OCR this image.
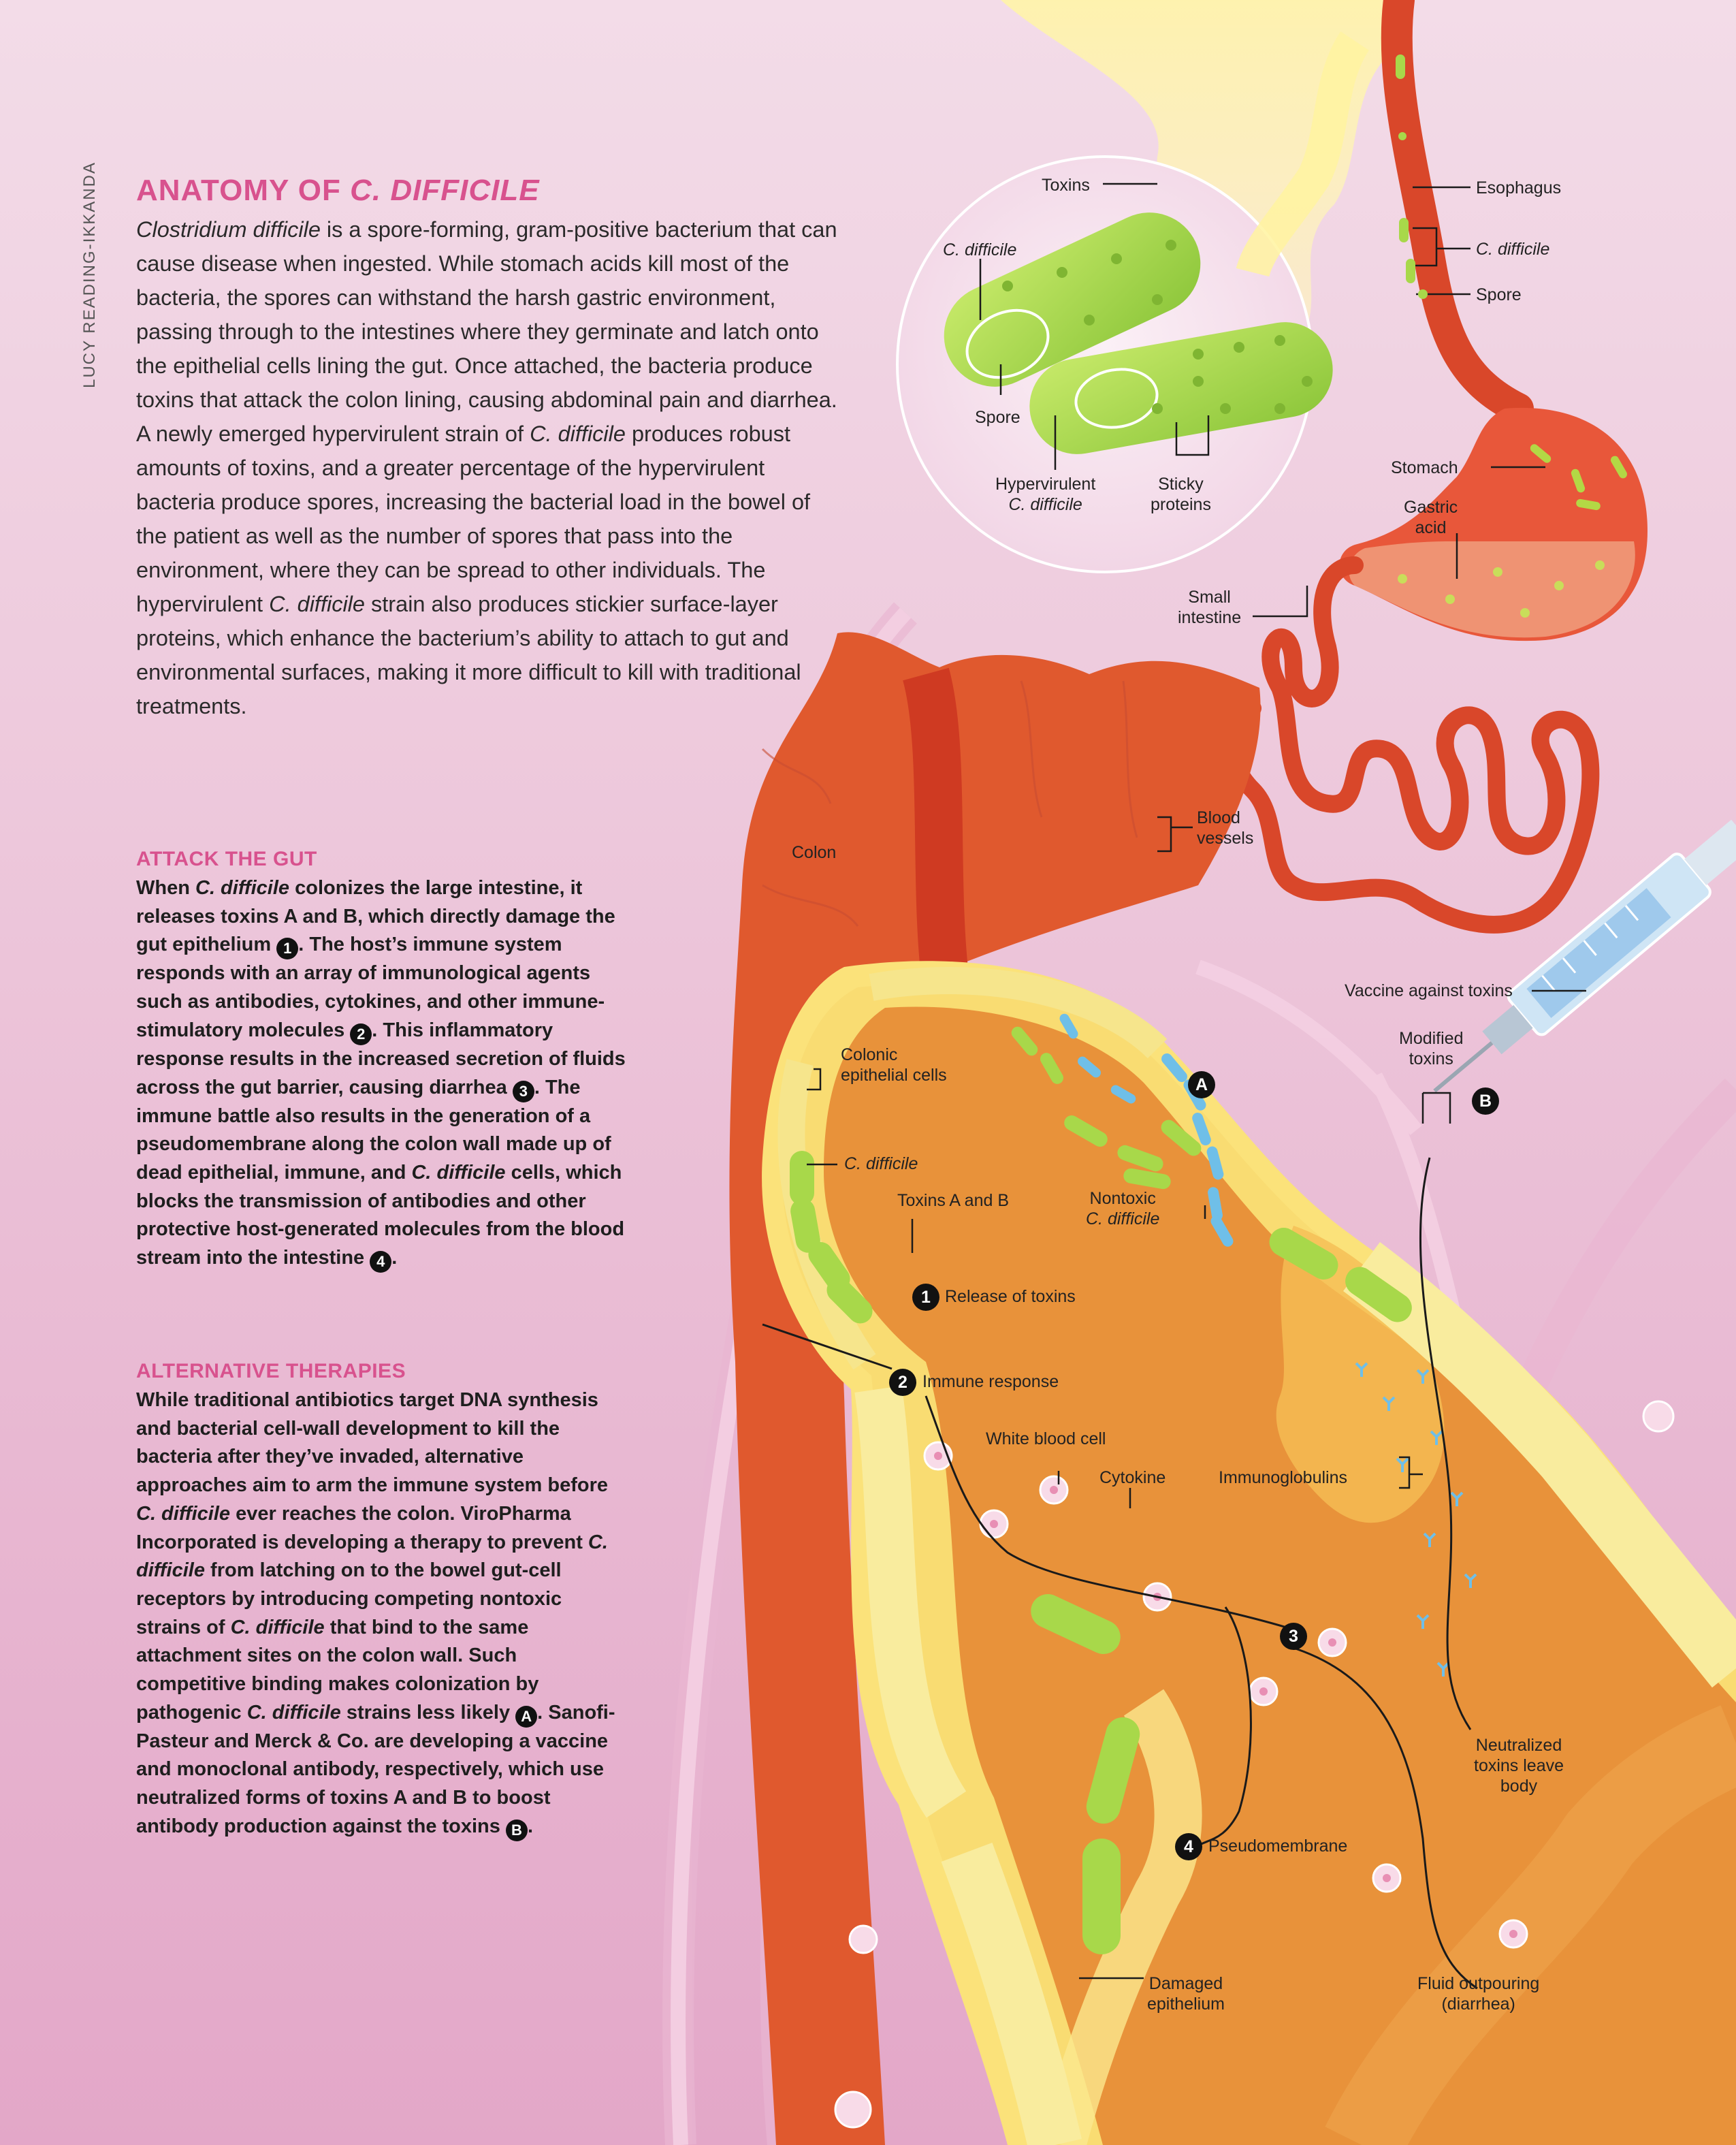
LUCY READING-IKKANDA ANATOMY OF C. DIFFICILE

Clostridium difficile is a spore-forming, gram-positive bacterium that can cause disease when ingested. While stomach acids kill most of the bacteria, the spores can withstand the harsh gastric environment, passing through to the intestines where they germinate and latch onto the epithelial cells lining the gut. Once attached, the bacteria produce toxins that attack the colon lining, causing abdominal pain and diarrhea. A newly emerged hypervirulent strain of C. difficile produces robust amounts of toxins, and a greater percentage of the hypervirulent bacteria produce spores, increasing the bacterial load in the bowel of the patient as well as the number of spores that pass into the environment, where they can be spread to other individuals. The hypervirulent C. difficile strain also produces stickier surface-layer proteins, which enhance the bacterium’s ability to attach to gut and environmental surfaces, making it more difficult to kill with traditional treatments.

ATTACK THE GUT

When C. difficile colonizes the large intestine, it releases toxins A and B, which directly damage the gut epithelium 1 . The host’s immune system responds with an array of immunological agents such as antibodies, cytokines, and other immune-stimulatory molecules 2 . This inflammatory response results in the increased secretion of fluids across the gut barrier, causing diarrhea 3 . The immune battle also results in the generation of a pseudomembrane along the colon wall made up of dead epithelial, immune, and C. difficile cells, which blocks the transmission of antibodies and other protective host-generated molecules from the blood stream into the intestine 4 .

ALTERNATIVE THERAPIES

While traditional antibiotics target DNA synthesis and bacterial cell-wall development to kill the bacteria after they’ve invaded, alternative approaches aim to arm the immune system before C. difficile ever reaches the colon. ViroPharma Incorporated is developing a therapy to prevent C. difficile from latching on to the bowel gut-cell receptors by introducing competing nontoxic strains of C. difficile that bind to the same attachment sites on the colon wall. Such competitive binding makes colonization by pathogenic C. difficile strains less likely A . Sanofi-Pasteur and Merck & Co. are developing a vaccine and monoclonal antibody, respectively, which use neutralized forms of toxins A and B to boost antibody production against the toxins B .

Toxins
C. difficile
Spore
Hypervirulent
C. difficile
Sticky
proteins
Esophagus
C. difficile
Spore
Stomach
Gastric
acid
Small
intestine
Blood
vessels
Colon
Vaccine against toxins
Modified
toxins
Colonic
epithelial cells
C. difficile
Toxins A and B	Nontoxic
C. difficile
White blood cell
Cytokine	Immunoglobulins
Neutralized
toxins leave
body
Damaged
epithelium
Fluid outpouring
(diarrhea)
1 Release of toxins
2 Immune response
3
4 Pseudomembrane
A
B
